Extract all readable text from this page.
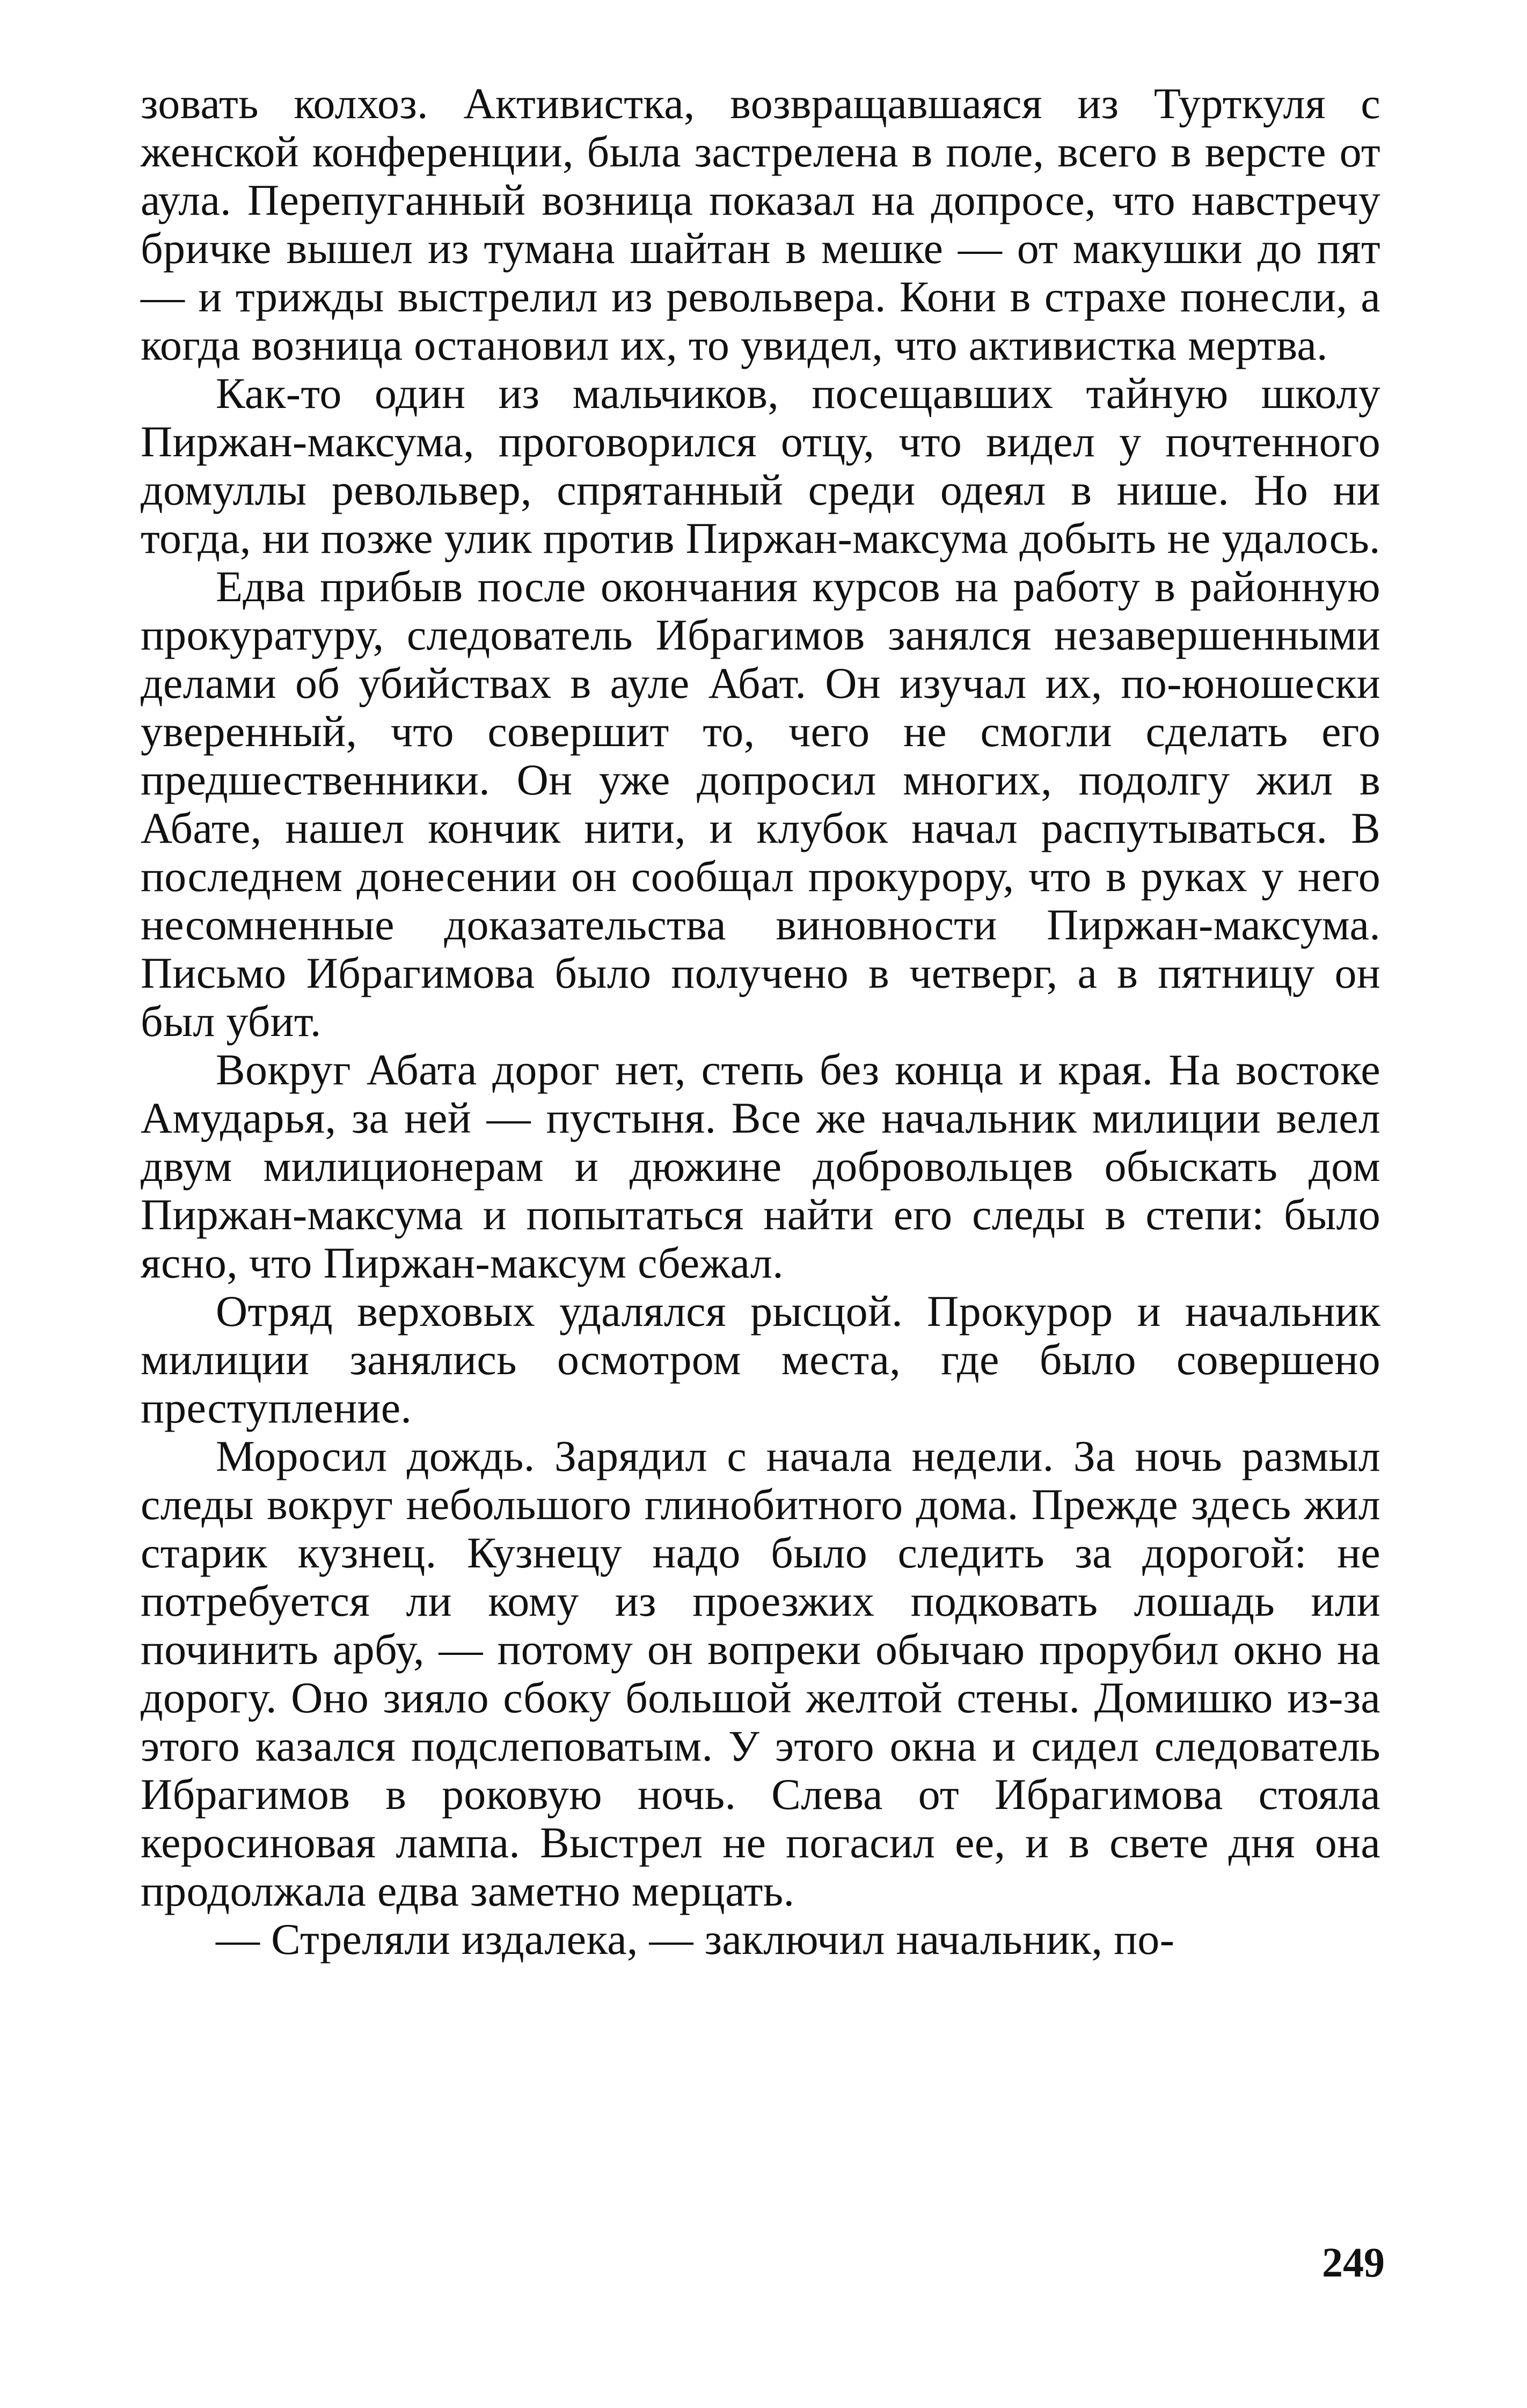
зовать колхоз. Активистка, возвращавшаяся из Турткуля с женской конференции, была застрелена в поле, всего в версте от аула. Перепуганный возница показал на допросе, что навстречу бричке вышел из тумана шайтан в мешке — от макушки до пят — и трижды выстрелил из револьвера. Кони в страхе понесли, а когда возница остановил их, то увидел, что активистка мертва.

Как-то один из мальчиков, посещавших тайную школу Пиржан-максума, проговорился отцу, что видел у почтенного домуллы револьвер, спрятанный среди одеял в нише. Но ни тогда, ни позже улик против Пиржан-максума добыть не удалось.

Едва прибыв после окончания курсов на работу в районную прокуратуру, следователь Ибрагимов занялся незавершенными делами об убийствах в ауле Абат. Он изучал их, по-юношески уверенный, что совершит то, чего не смогли сделать его предшественники. Он уже допросил многих, подолгу жил в Абате, нашел кончик нити, и клубок начал распутываться. В последнем донесении он сообщал прокурору, что в руках у него несомненные доказательства виновности Пиржан-максума. Письмо Ибрагимова было получено в четверг, а в пятницу он был убит.

Вокруг Абата дорог нет, степь без конца и края. На востоке Амударья, за ней — пустыня. Все же начальник милиции велел двум милиционерам и дюжине добровольцев обыскать дом Пиржан-максума и попытаться найти его следы в степи: было ясно, что Пиржан-максум сбежал.

Отряд верховых удалялся рысцой. Прокурор и начальник милиции занялись осмотром места, где было совершено преступление.

Моросил дождь. Зарядил с начала недели. За ночь размыл следы вокруг небольшого глинобитного дома. Прежде здесь жил старик кузнец. Кузнецу надо было следить за дорогой: не потребуется ли кому из проезжих подковать лошадь или починить арбу, — потому он вопреки обычаю прорубил окно на дорогу. Оно зияло сбоку большой желтой стены. Домишко из-за этого казался подслеповатым. У этого окна и сидел следователь Ибрагимов в роковую ночь. Слева от Ибрагимова стояла керосиновая лампа. Выстрел не погасил ее, и в свете дня она продолжала едва заметно мерцать.

— Стреляли издалека, — заключил начальник, по-

249
